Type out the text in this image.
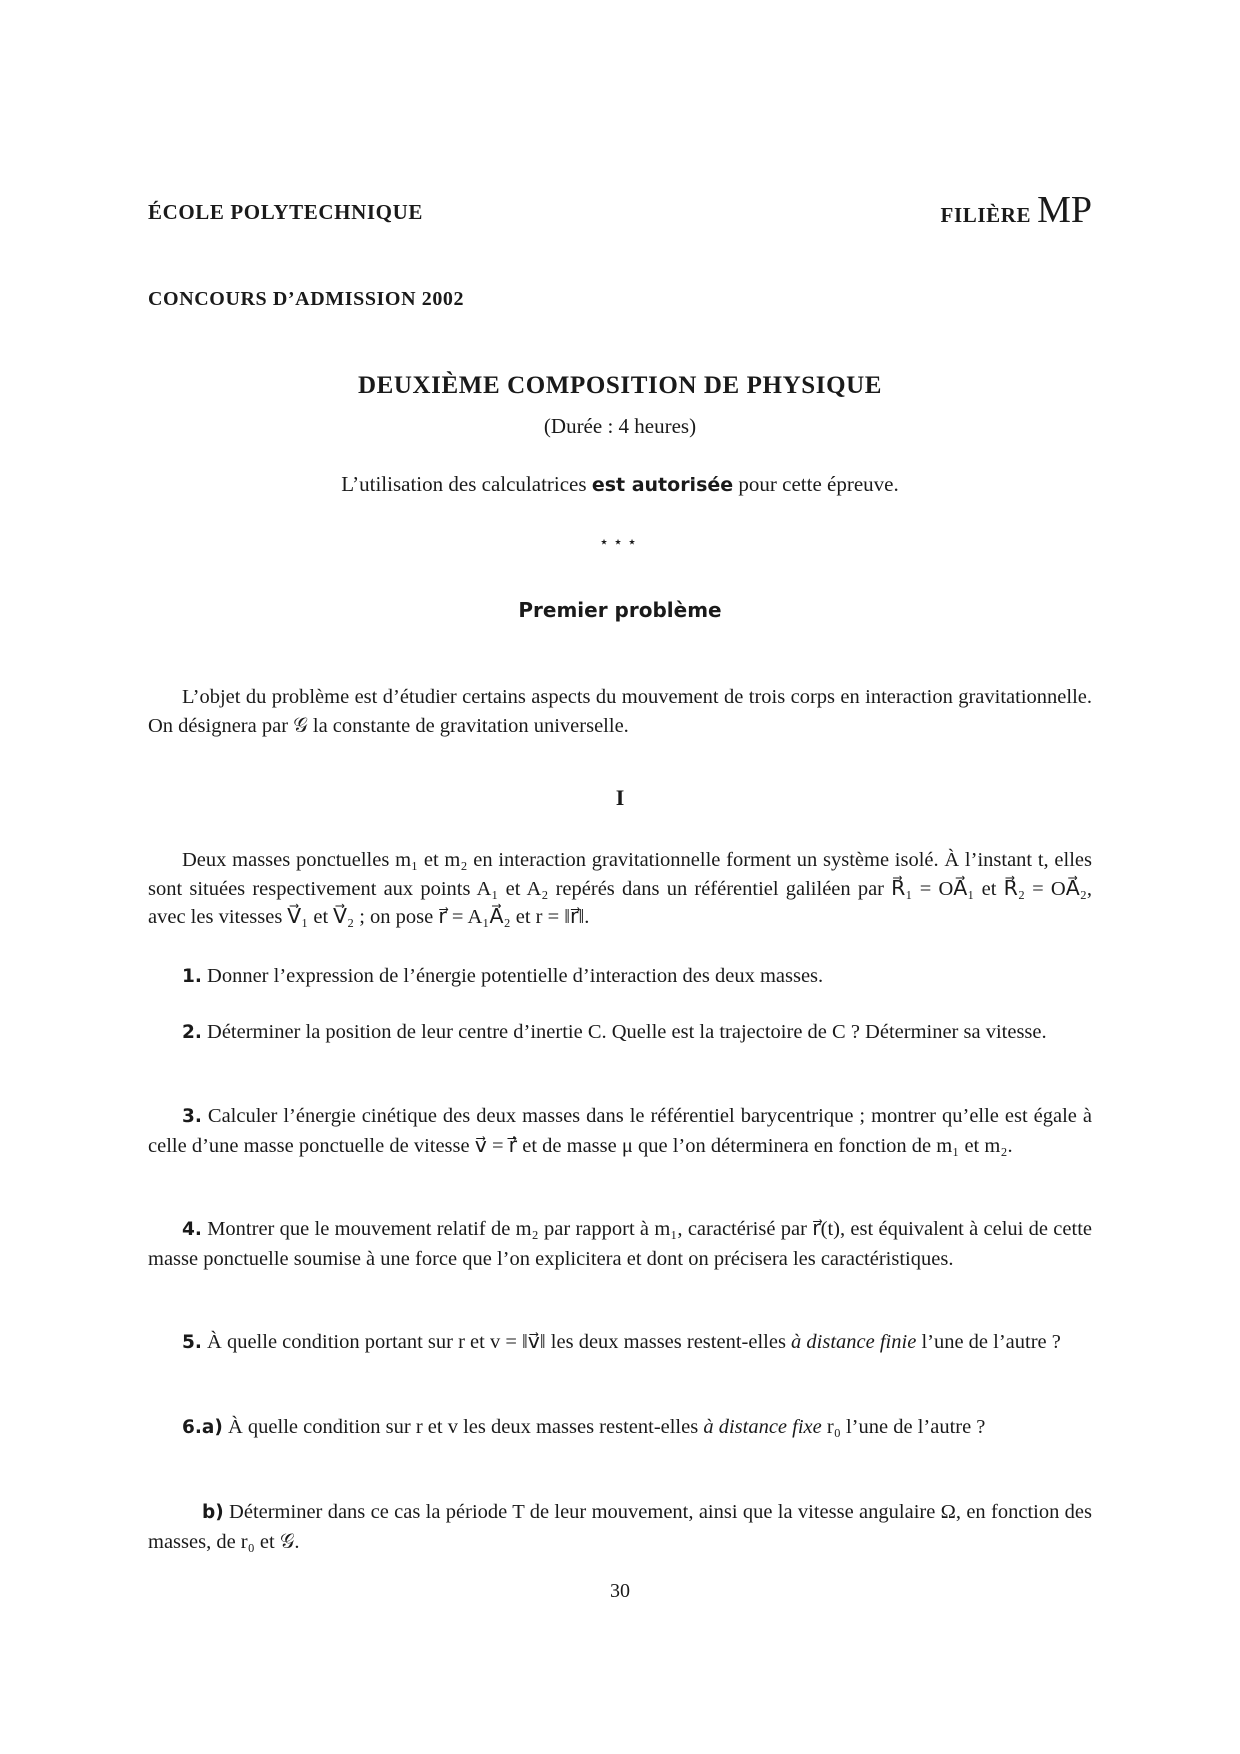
ÉCOLE POLYTECHNIQUE	FILIÈRE MP
CONCOURS D’ADMISSION 2002
DEUXIÈME COMPOSITION DE PHYSIQUE
(Durée : 4 heures)
L’utilisation des calculatrices est autorisée pour cette épreuve.
⋆⋆⋆
Premier problème
L’objet du problème est d’étudier certains aspects du mouvement de trois corps en interaction gravitationnelle. On désignera par 𝒢 la constante de gravitation universelle.
I
Deux masses ponctuelles m₁ et m₂ en interaction gravitationnelle forment un système isolé. À l’instant t, elles sont situées respectivement aux points A₁ et A₂ repérés dans un référentiel galiléen par R⃗₁ = OA⃗₁ et R⃗₂ = OA⃗₂, avec les vitesses V⃗₁ et V⃗₂ ; on pose r⃗ = A₁A⃗₂ et r = ‖r⃗‖.
1. Donner l’expression de l’énergie potentielle d’interaction des deux masses.
2. Déterminer la position de leur centre d’inertie C. Quelle est la trajectoire de C ? Déterminer sa vitesse.
3. Calculer l’énergie cinétique des deux masses dans le référentiel barycentrique ; montrer qu’elle est égale à celle d’une masse ponctuelle de vitesse v⃗ = ṙ⃗ et de masse μ que l’on déterminera en fonction de m₁ et m₂.
4. Montrer que le mouvement relatif de m₂ par rapport à m₁, caractérisé par r⃗(t), est équivalent à celui de cette masse ponctuelle soumise à une force que l’on explicitera et dont on précisera les caractéristiques.
5. À quelle condition portant sur r et v = ‖v⃗‖ les deux masses restent-elles à distance finie l’une de l’autre ?
6.a) À quelle condition sur r et v les deux masses restent-elles à distance fixe r₀ l’une de l’autre ?
b) Déterminer dans ce cas la période T de leur mouvement, ainsi que la vitesse angulaire Ω, en fonction des masses, de r₀ et 𝒢.
30
